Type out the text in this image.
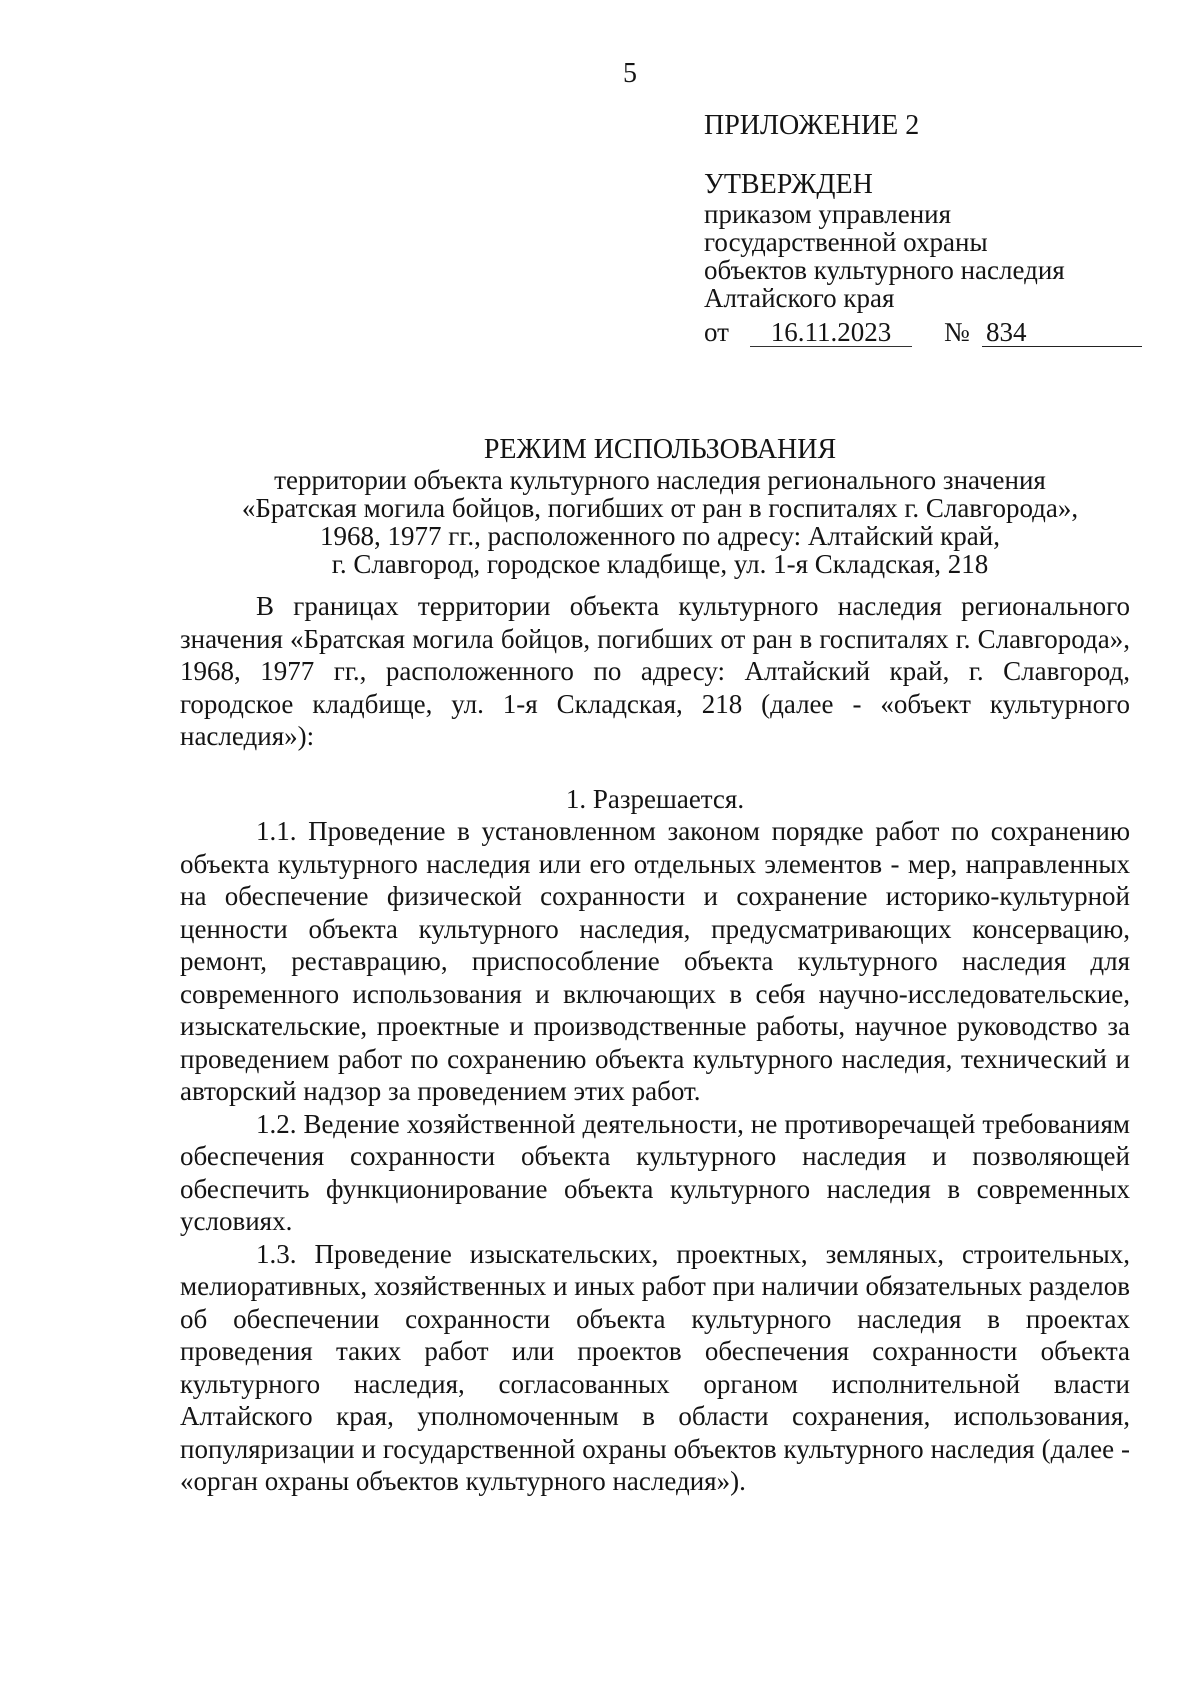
5
ПРИЛОЖЕНИЕ 2
УТВЕРЖДЕН
приказом управления
государственной охраны
объектов культурного наследия
Алтайского края
от	16.11.2023	№ 834
РЕЖИМ ИСПОЛЬЗОВАНИЯ
территории объекта культурного наследия регионального значения
«Братская могила бойцов, погибших от ран в госпиталях г. Славгорода»,
1968, 1977 гг., расположенного по адресу: Алтайский край,
г. Славгород, городское кладбище, ул. 1-я Складская, 218

В границах территории объекта культурного наследия регионального значения «Братская могила бойцов, погибших от ран в госпиталях г. Славгорода», 1968, 1977 гг., расположенного по адресу: Алтайский край, г. Славгород, городское кладбище, ул. 1-я Складская, 218 (далее - «объект культурного наследия»):

1. Разрешается.

1.1. Проведение в установленном законом порядке работ по сохранению объекта культурного наследия или его отдельных элементов - мер, направленных на обеспечение физической сохранности и сохранение историко-культурной ценности объекта культурного наследия, предусматривающих консервацию, ремонт, реставрацию, приспособление объекта культурного наследия для современного использования и включающих в себя научно-исследовательские, изыскательские, проектные и производственные работы, научное руководство за проведением работ по сохранению объекта культурного наследия, технический и авторский надзор за проведением этих работ.

1.2. Ведение хозяйственной деятельности, не противоречащей требованиям обеспечения сохранности объекта культурного наследия и позволяющей обеспечить функционирование объекта культурного наследия в современных условиях.

1.3. Проведение изыскательских, проектных, земляных, строительных, мелиоративных, хозяйственных и иных работ при наличии обязательных разделов об обеспечении сохранности объекта культурного наследия в проектах проведения таких работ или проектов обеспечения сохранности объекта культурного наследия, согласованных органом исполнительной власти Алтайского края, уполномоченным в области сохранения, использования, популяризации и государственной охраны объектов культурного наследия (далее - «орган охраны объектов культурного наследия»).
